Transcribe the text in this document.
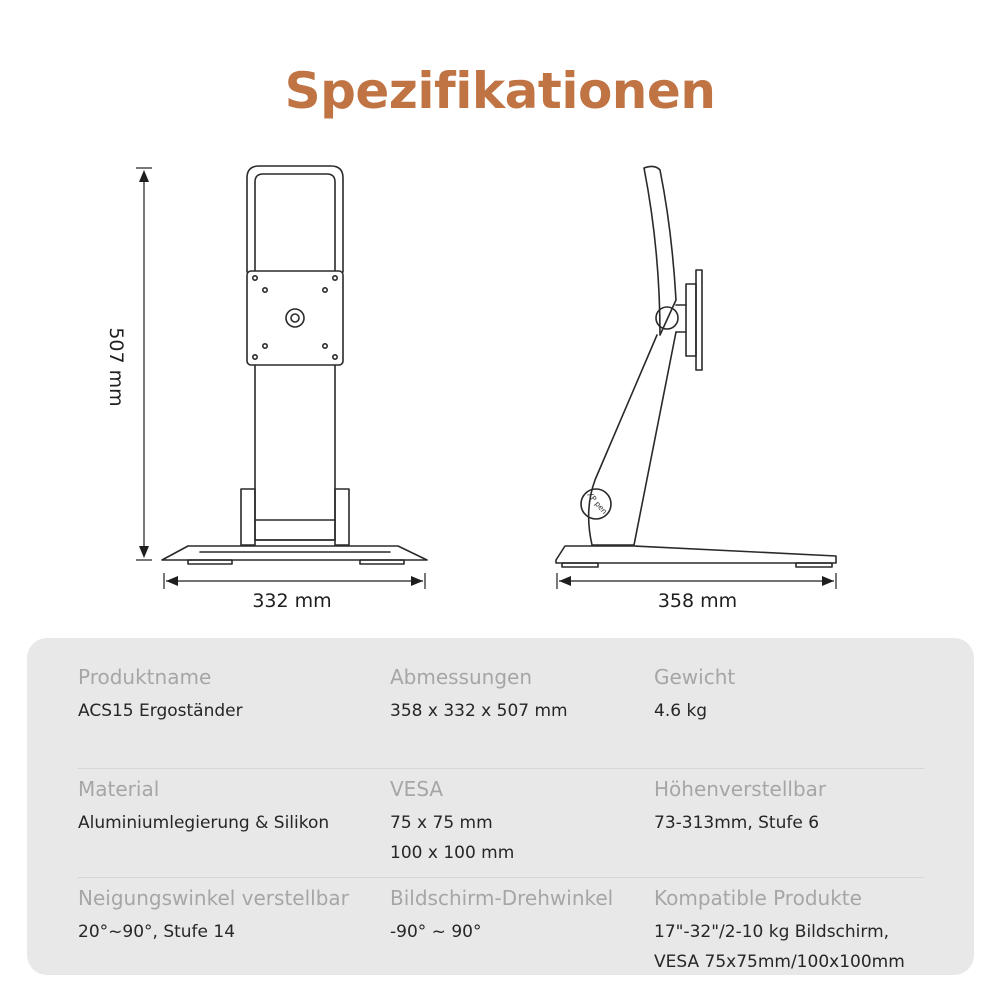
Spezifikationen
XP pen
507 mm
332 mm	358 mm
Produktname
ACS15 Ergoständer
Abmessungen
358 x 332 x 507 mm
Gewicht
4.6 kg
Material
Aluminiumlegierung & Silikon
VESA
75 x 75 mm
100 x 100 mm
Höhenverstellbar
73-313mm, Stufe 6
Neigungswinkel verstellbar
20°~90°, Stufe 14
Bildschirm-Drehwinkel
-90° ~ 90°
Kompatible Produkte
17"-32"/2-10 kg Bildschirm,
VESA 75x75mm/100x100mm
